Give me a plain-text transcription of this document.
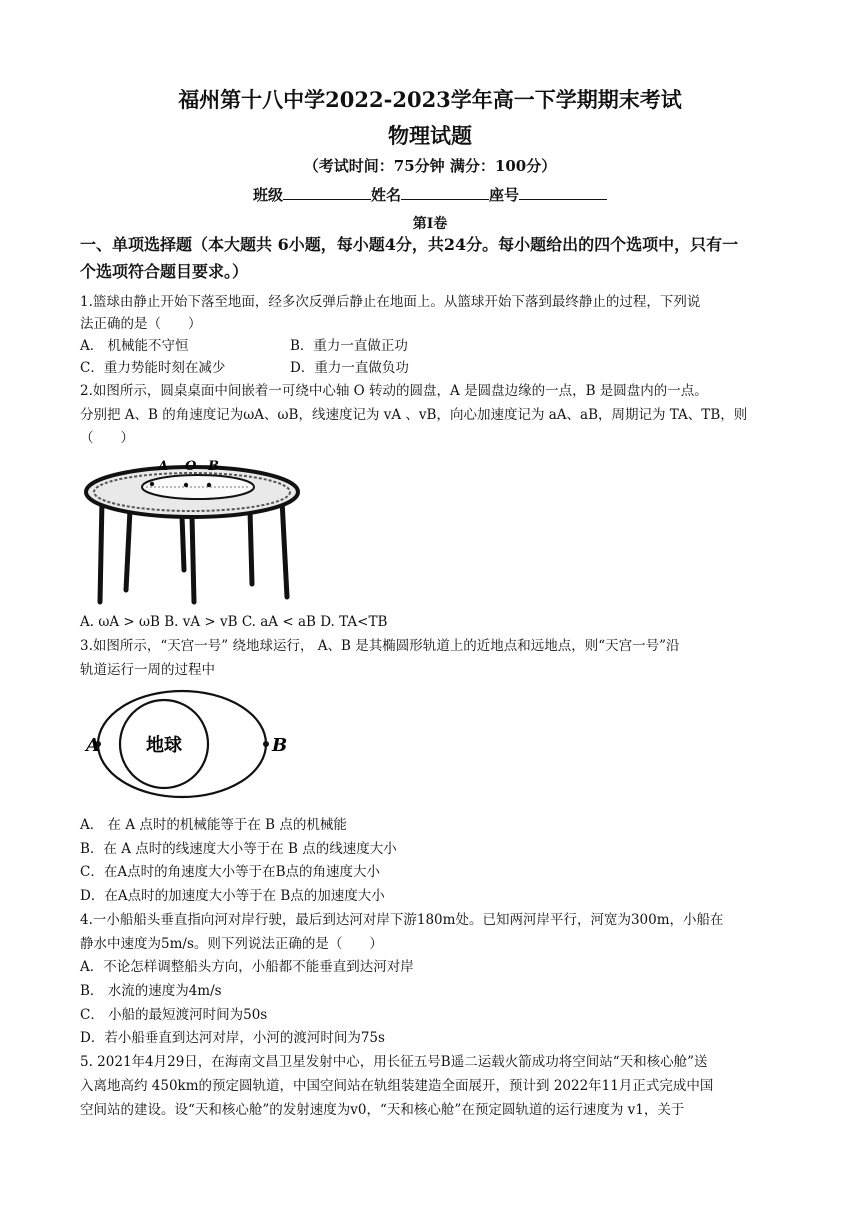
福州第十八中学2022-2023学年高一下学期期末考试
物理试题
（考试时间：75分钟 满分：100分）
班级	姓名	座号
第I卷
一、单项选择题（本大题共 6小题，每小题4分，共24分。每小题给出的四个选项中，只有一
个选项符合题目要求。）
1.篮球由静止开始下落至地面，经多次反弹后静止在地面上。从篮球开始下落到最终静止的过程，下列说
法正确的是（　　）
A． 机械能不守恒	B．重力一直做正功
C．重力势能时刻在减少	D．重力一直做负功
2.如图所示，圆桌桌面中间嵌着一可绕中心轴 O 转动的圆盘，A 是圆盘边缘的一点，B 是圆盘内的一点。
分别把 A、B 的角速度记为ωA、ωB，线速度记为 vA 、vB，向心加速度记为 aA、aB，周期记为 TA、TB，则
（　　）
A O B
A. ωA > ωB B. vA > vB C. aA < aB D. TA<TB
3.如图所示，“天宫一号” 绕地球运行， A、B 是其椭圆形轨道上的近地点和远地点，则“天宫一号”沿
轨道运行一周的过程中
A	B
地球
A． 在 A 点时的机械能等于在 B 点的机械能
B．在 A 点时的线速度大小等于在 B 点的线速度大小
C．在A点时的角速度大小等于在B点的角速度大小
D．在A点时的加速度大小等于在 B点的加速度大小
4.一小船船头垂直指向河对岸行驶，最后到达河对岸下游180m处。已知两河岸平行，河宽为300m，小船在
静水中速度为5m/s。则下列说法正确的是（　　）
A．不论怎样调整船头方向，小船都不能垂直到达河对岸
B． 水流的速度为4m/s
C． 小船的最短渡河时间为50s
D．若小船垂直到达河对岸，小河的渡河时间为75s
5. 2021年4月29日，在海南文昌卫星发射中心，用长征五号B遥二运载火箭成功将空间站“天和核心舱”送
入离地高约 450km的预定圆轨道，中国空间站在轨组装建造全面展开，预计到 2022年11月正式完成中国
空间站的建设。设“天和核心舱”的发射速度为v0，“天和核心舱”在预定圆轨道的运行速度为 v1，关于
